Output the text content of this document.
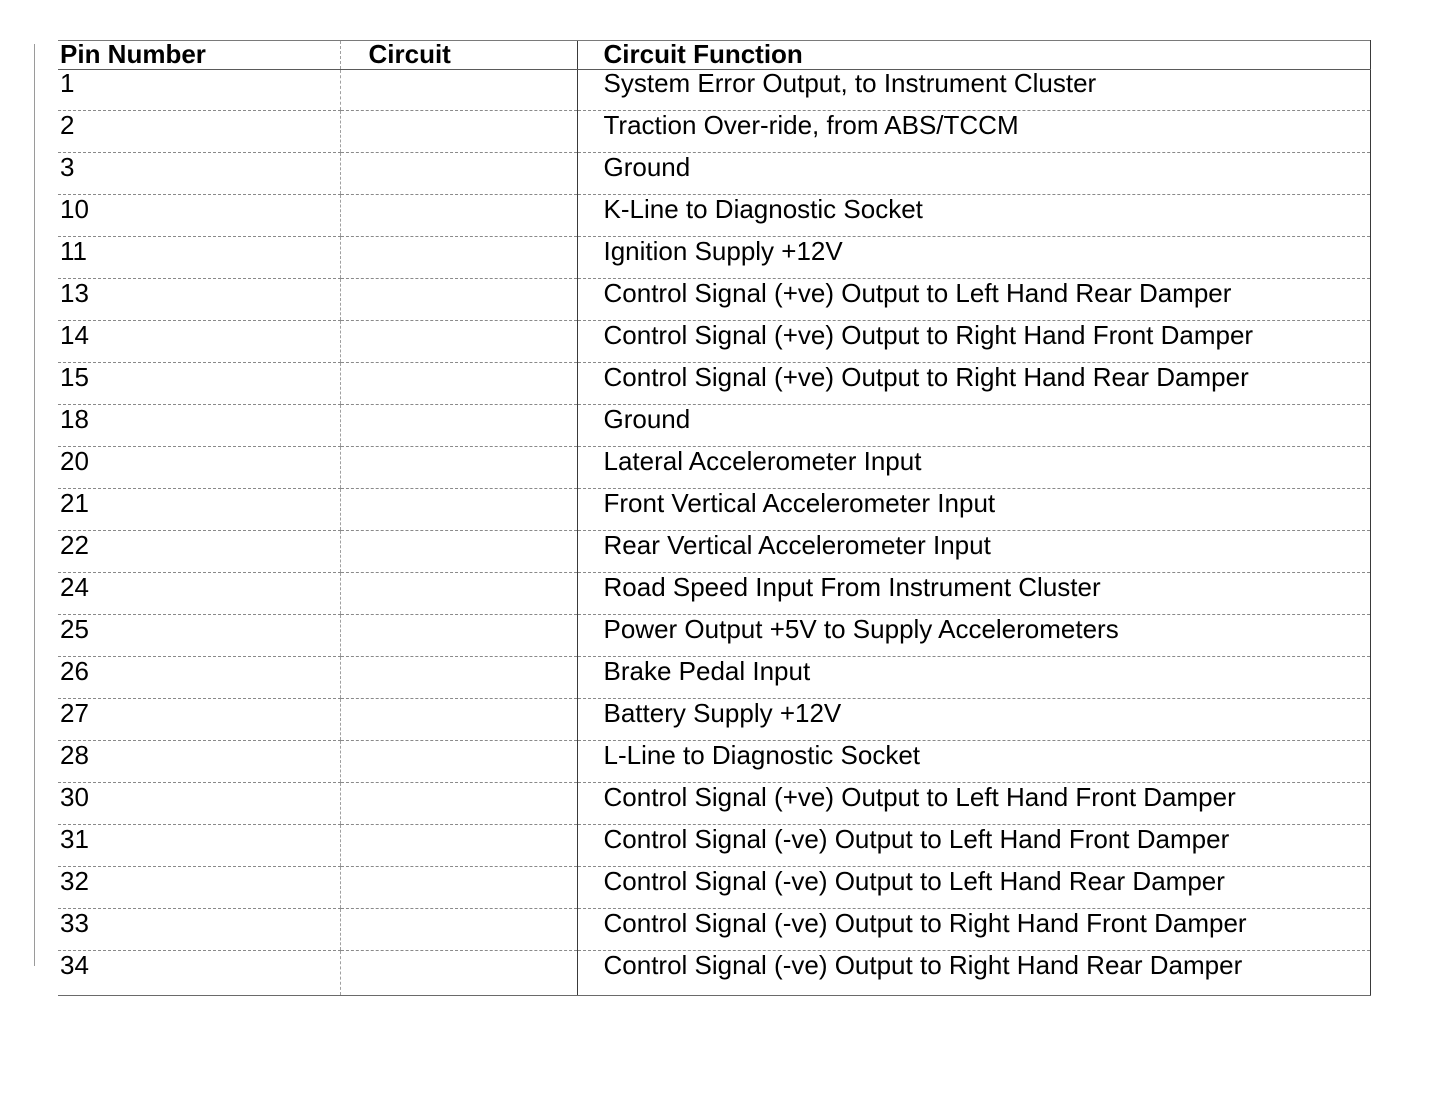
Pin Number	Circuit	Circuit Function
1		System Error Output, to Instrument Cluster
2		Traction Over-ride, from ABS/TCCM
3		Ground
10		K-Line to Diagnostic Socket
11		Ignition Supply +12V
13		Control Signal (+ve) Output to Left Hand Rear Damper
14		Control Signal (+ve) Output to Right Hand Front Damper
15		Control Signal (+ve) Output to Right Hand Rear Damper
18		Ground
20		Lateral Accelerometer Input
21		Front Vertical Accelerometer Input
22		Rear Vertical Accelerometer Input
24		Road Speed Input From Instrument Cluster
25		Power Output +5V to Supply Accelerometers
26		Brake Pedal Input
27		Battery Supply +12V
28		L-Line to Diagnostic Socket
30		Control Signal (+ve) Output to Left Hand Front Damper
31		Control Signal (-ve) Output to Left Hand Front Damper
32		Control Signal (-ve) Output to Left Hand Rear Damper
33		Control Signal (-ve) Output to Right Hand Front Damper
34		Control Signal (-ve) Output to Right Hand Rear Damper
